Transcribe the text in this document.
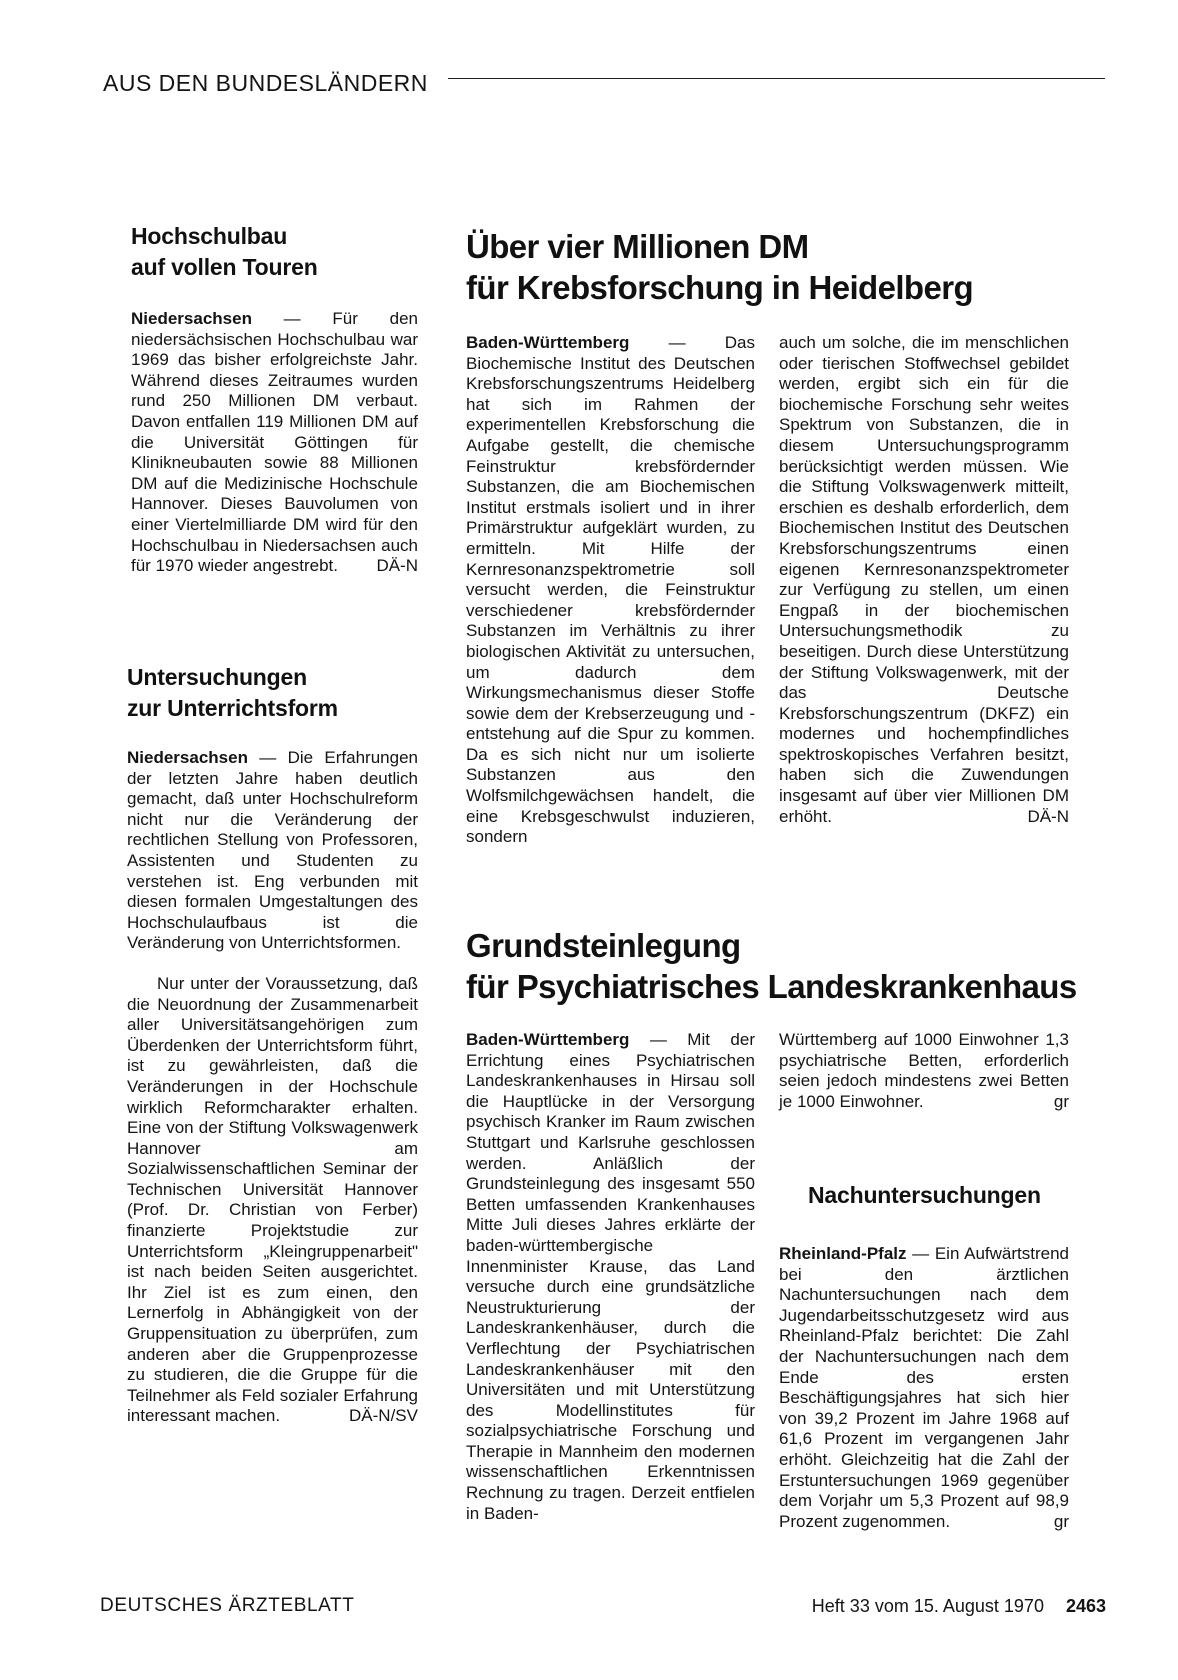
AUS DEN BUNDESLÄNDERN
Hochschulbau
auf vollen Touren

Niedersachsen — Für den niedersächsischen Hochschulbau war 1969 das bisher erfolgreichste Jahr. Während dieses Zeitraumes wurden rund 250 Millionen DM verbaut. Davon entfallen 119 Millionen DM auf die Universität Göttingen für Klinikneubauten sowie 88 Millionen DM auf die Medizinische Hochschule Hannover. Dieses Bauvolumen von einer Viertelmilliarde DM wird für den Hochschulbau in Niedersachsen auch für 1970 wieder angestrebt. DÄ-N

Untersuchungen
zur Unterrichtsform

Niedersachsen — Die Erfahrungen der letzten Jahre haben deutlich gemacht, daß unter Hochschulreform nicht nur die Veränderung der rechtlichen Stellung von Professoren, Assistenten und Studenten zu verstehen ist. Eng verbunden mit diesen formalen Umgestaltungen des Hochschulaufbaus ist die Veränderung von Unterrichtsformen.

Nur unter der Voraussetzung, daß die Neuordnung der Zusammenarbeit aller Universitätsangehörigen zum Überdenken der Unterrichtsform führt, ist zu gewährleisten, daß die Veränderungen in der Hochschule wirklich Reformcharakter erhalten. Eine von der Stiftung Volkswagenwerk Hannover am Sozialwissenschaftlichen Seminar der Technischen Universität Hannover (Prof. Dr. Christian von Ferber) finanzierte Projektstudie zur Unterrichtsform „Kleingruppenarbeit" ist nach beiden Seiten ausgerichtet. Ihr Ziel ist es zum einen, den Lernerfolg in Abhängigkeit von der Gruppensituation zu überprüfen, zum anderen aber die Gruppenprozesse zu studieren, die die Gruppe für die Teilnehmer als Feld sozialer Erfahrung interessant machen.	DÄ-N/SV

Über vier Millionen DM
für Krebsforschung in Heidelberg

Baden-Württemberg — Das Biochemische Institut des Deutschen Krebsforschungszentrums Heidelberg hat sich im Rahmen der experimentellen Krebsforschung die Aufgabe gestellt, die chemische Feinstruktur krebsfördernder Substanzen, die am Biochemischen Institut erstmals isoliert und in ihrer Primärstruktur aufgeklärt wurden, zu ermitteln. Mit Hilfe der Kernresonanzspektrometrie soll versucht werden, die Feinstruktur verschiedener krebsfördernder Substanzen im Verhältnis zu ihrer biologischen Aktivität zu untersuchen, um dadurch dem Wirkungsmechanismus dieser Stoffe sowie dem der Krebserzeugung und -entstehung auf die Spur zu kommen. Da es sich nicht nur um isolierte Substanzen aus den Wolfsmilchgewächsen handelt, die eine Krebsgeschwulst induzieren, sondern

auch um solche, die im menschlichen oder tierischen Stoffwechsel gebildet werden, ergibt sich ein für die biochemische Forschung sehr weites Spektrum von Substanzen, die in diesem Untersuchungsprogramm berücksichtigt werden müssen. Wie die Stiftung Volkswagenwerk mitteilt, erschien es deshalb erforderlich, dem Biochemischen Institut des Deutschen Krebsforschungszentrums einen eigenen Kernresonanzspektrometer zur Verfügung zu stellen, um einen Engpaß in der biochemischen Untersuchungsmethodik zu beseitigen. Durch diese Unterstützung der Stiftung Volkswagenwerk, mit der das Deutsche Krebsforschungszentrum (DKFZ) ein modernes und hochempfindliches spektroskopisches Verfahren besitzt, haben sich die Zuwendungen insgesamt auf über vier Millionen DM erhöht.	DÄ-N

Grundsteinlegung
für Psychiatrisches Landeskrankenhaus

Baden-Württemberg — Mit der Errichtung eines Psychiatrischen Landeskrankenhauses in Hirsau soll die Hauptlücke in der Versorgung psychisch Kranker im Raum zwischen Stuttgart und Karlsruhe geschlossen werden. Anläßlich der Grundsteinlegung des insgesamt 550 Betten umfassenden Krankenhauses Mitte Juli dieses Jahres erklärte der baden-württembergische Innenminister Krause, das Land versuche durch eine grundsätzliche Neustrukturierung der Landeskrankenhäuser, durch die Verflechtung der Psychiatrischen Landeskrankenhäuser mit den Universitäten und mit Unterstützung des Modellinstitutes für sozialpsychiatrische Forschung und Therapie in Mannheim den modernen wissenschaftlichen Erkenntnissen Rechnung zu tragen. Derzeit entfielen in Baden-

Württemberg auf 1000 Einwohner 1,3 psychiatrische Betten, erforderlich seien jedoch mindestens zwei Betten je 1000 Einwohner.	gr

Nachuntersuchungen

Rheinland-Pfalz — Ein Aufwärtstrend bei den ärztlichen Nachuntersuchungen nach dem Jugendarbeitsschutzgesetz wird aus Rheinland-Pfalz berichtet: Die Zahl der Nachuntersuchungen nach dem Ende des ersten Beschäftigungsjahres hat sich hier von 39,2 Prozent im Jahre 1968 auf 61,6 Prozent im vergangenen Jahr erhöht. Gleichzeitig hat die Zahl der Erstuntersuchungen 1969 gegenüber dem Vorjahr um 5,3 Prozent auf 98,9 Prozent zugenommen.	gr

DEUTSCHES ÄRZTEBLATT	Heft 33 vom 15. August 1970 2463
